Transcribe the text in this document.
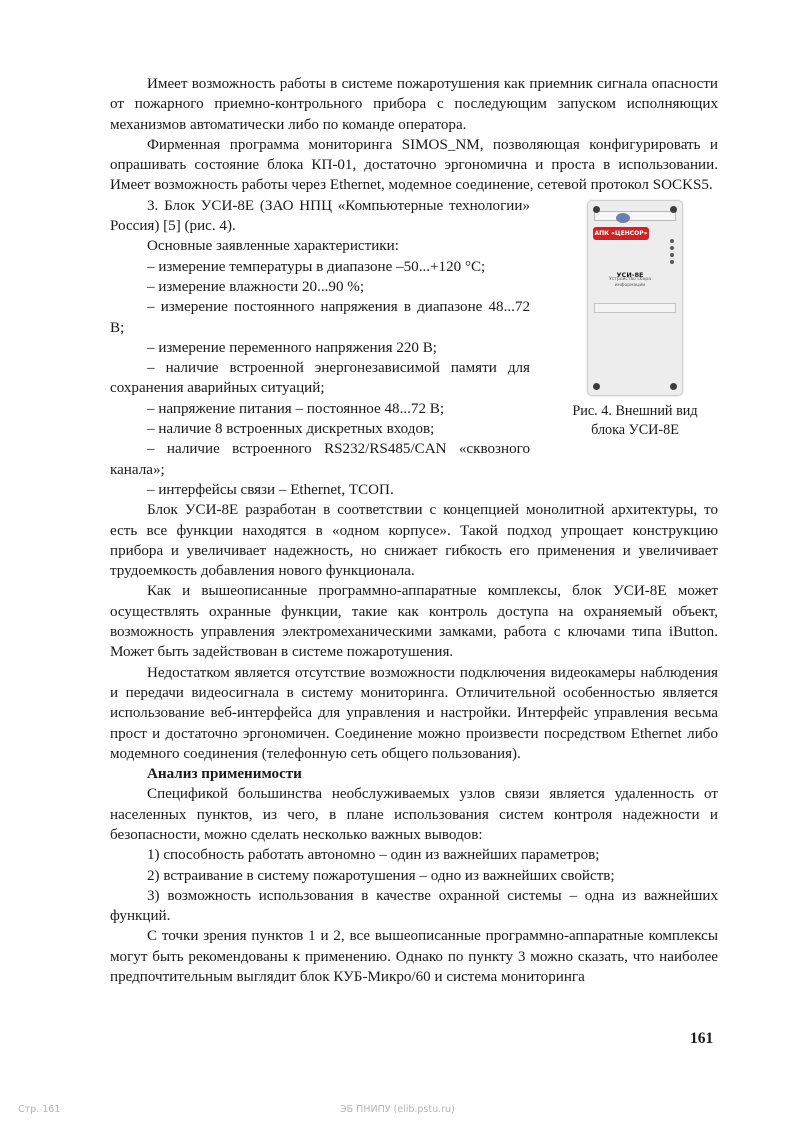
Имеет возможность работы в системе пожаротушения как приемник сигнала опасности от пожарного приемно-контрольного прибора с последующим запуском исполняющих механизмов автоматически либо по команде оператора.

Фирменная программа мониторинга SIMOS_NM, позволяющая конфигурировать и опрашивать состояние блока КП-01, достаточно эргономична и проста в использовании. Имеет возможность работы через Ethernet, модемное соединение, сетевой протокол SOCKS5.

АПК «ЦЕНСОР»
УСИ-8Е
Устройство сбора информации
Рис. 4. Внешний вид
блока УСИ-8Е

3. Блок УСИ-8Е (ЗАО НПЦ «Компьютерные технологии» Россия) [5] (рис. 4).

Основные заявленные характеристики:

– измерение температуры в диапазоне –50...+120 °С;

– измерение влажности 20...90 %;

– измерение постоянного напряжения в диапазоне 48...72 В;

– измерение переменного напряжения 220 В;

– наличие встроенной энергонезависимой памяти для сохранения аварийных ситуаций;

– напряжение питания – постоянное 48...72 В;

– наличие 8 встроенных дискретных входов;

– наличие встроенного RS232/RS485/CAN «сквозного канала»;

– интерфейсы связи – Ethernet, ТСОП.

Блок УСИ-8Е разработан в соответствии с концепцией монолитной архитектуры, то есть все функции находятся в «одном корпусе». Такой подход упрощает конструкцию прибора и увеличивает надежность, но снижает гибкость его применения и увеличивает трудоемкость добавления нового функционала.

Как и вышеописанные программно-аппаратные комплексы, блок УСИ-8Е может осуществлять охранные функции, такие как контроль доступа на охраняемый объект, возможность управления электромеханическими замками, работа с ключами типа iButton. Может быть задействован в системе пожаротушения.

Недостатком является отсутствие возможности подключения видеокамеры наблюдения и передачи видеосигнала в систему мониторинга. Отличительной особенностью является использование веб-интерфейса для управления и настройки. Интерфейс управления весьма прост и достаточно эргономичен. Соединение можно произвести посредством Ethernet либо модемного соединения (телефонную сеть общего пользования).

Анализ применимости

Спецификой большинства необслуживаемых узлов связи является удаленность от населенных пунктов, из чего, в плане использования систем контроля надежности и безопасности, можно сделать несколько важных выводов:

1) способность работать автономно – один из важнейших параметров;

2) встраивание в систему пожаротушения – одно из важнейших свойств;

3) возможность использования в качестве охранной системы – одна из важнейших функций.

С точки зрения пунктов 1 и 2, все вышеописанные программно-аппаратные комплексы могут быть рекомендованы к применению. Однако по пункту 3 можно сказать, что наиболее предпочтительным выглядит блок КУБ-Микро/60 и система мониторинга

161
Стр. 161	ЭБ ПНИПУ (elib.pstu.ru)
